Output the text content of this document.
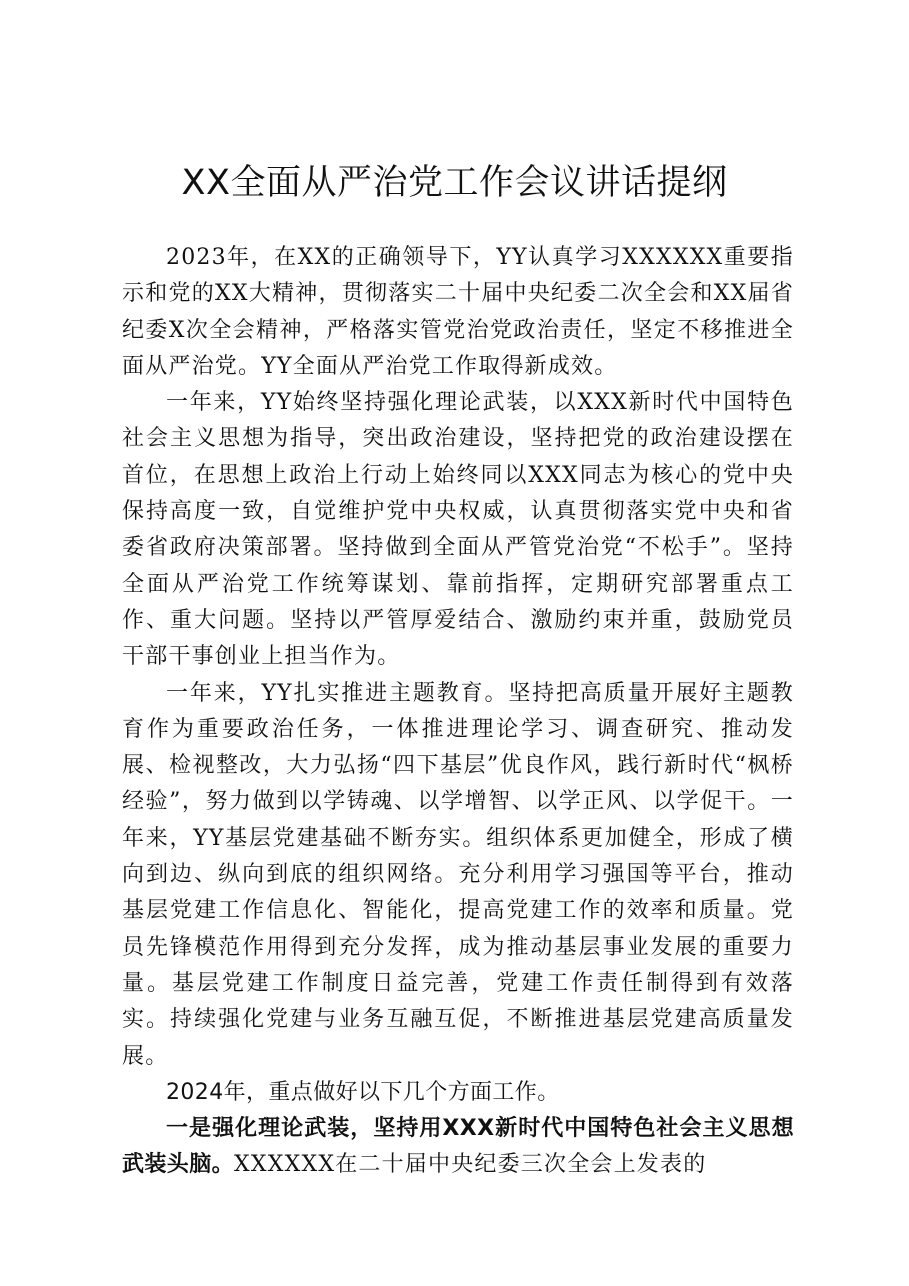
XX全面从严治党工作会议讲话提纲

2023年，在XX的正确领导下，YY认真学习XXXXXX重要指示和党的XX大精神，贯彻落实二十届中央纪委二次全会和XX届省纪委X次全会精神，严格落实管党治党政治责任，坚定不移推进全面从严治党。YY全面从严治党工作取得新成效。

一年来，YY始终坚持强化理论武装，以XXX新时代中国特色社会主义思想为指导，突出政治建设，坚持把党的政治建设摆在首位，在思想上政治上行动上始终同以XXX同志为核心的党中央保持高度一致，自觉维护党中央权威，认真贯彻落实党中央和省委省政府决策部署。坚持做到全面从严管党治党“不松手”。坚持全面从严治党工作统筹谋划、靠前指挥，定期研究部署重点工作、重大问题。坚持以严管厚爱结合、激励约束并重，鼓励党员干部干事创业上担当作为。

一年来，YY扎实推进主题教育。坚持把高质量开展好主题教育作为重要政治任务，一体推进理论学习、调查研究、推动发展、检视整改，大力弘扬“四下基层”优良作风，践行新时代“枫桥经验”，努力做到以学铸魂、以学增智、以学正风、以学促干。一年来，YY基层党建基础不断夯实。组织体系更加健全，形成了横向到边、纵向到底的组织网络。充分利用学习强国等平台，推动基层党建工作信息化、智能化，提高党建工作的效率和质量。党员先锋模范作用得到充分发挥，成为推动基层事业发展的重要力量。基层党建工作制度日益完善，党建工作责任制得到有效落实。持续强化党建与业务互融互促，不断推进基层党建高质量发展。

2024年，重点做好以下几个方面工作。

一是强化理论武装，坚持用XXX新时代中国特色社会主义思想武装头脑。XXXXXX在二十届中央纪委三次全会上发表的
